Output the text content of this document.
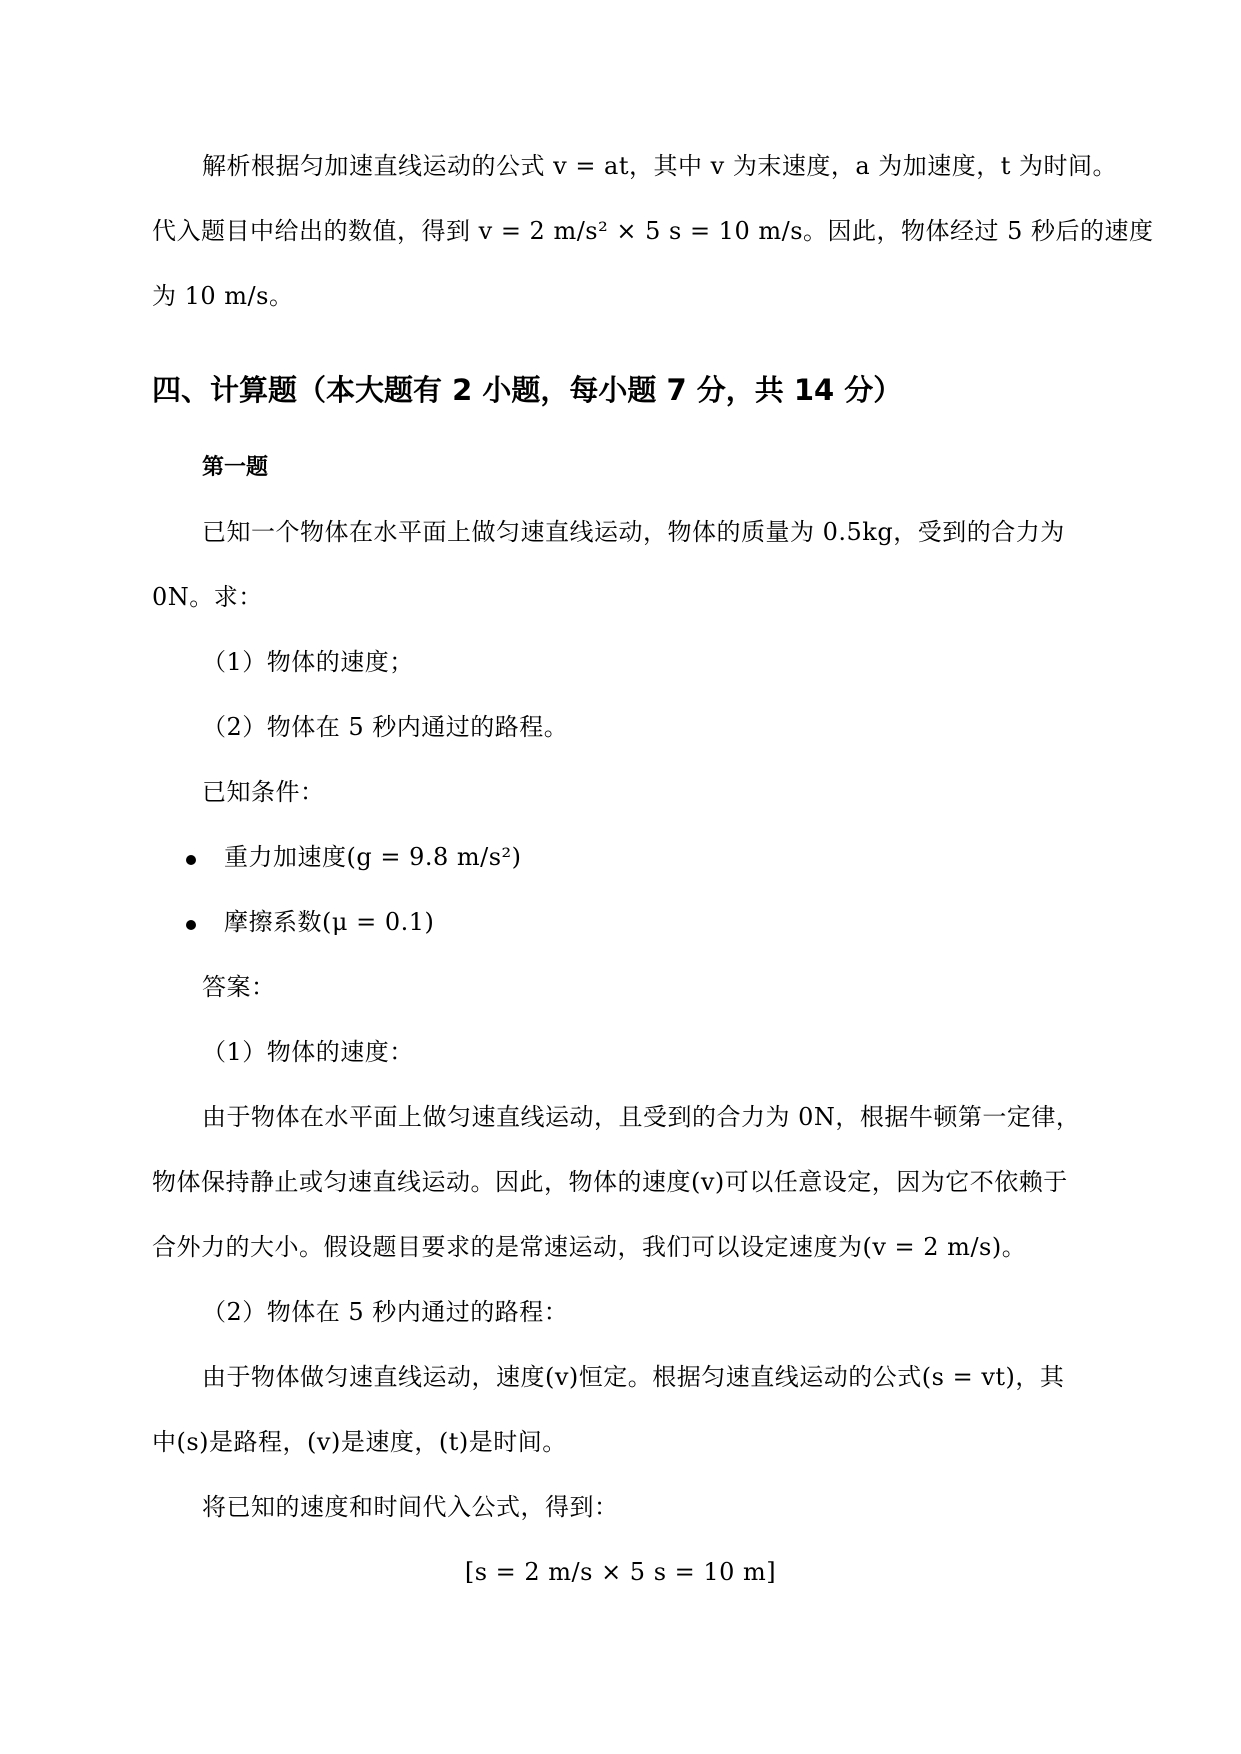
解析根据匀加速直线运动的公式 v = at，其中 v 为末速度，a 为加速度，t 为时间。

代入题目中给出的数值，得到 v = 2 m/s² × 5 s = 10 m/s。因此，物体经过 5 秒后的速度

为 10 m/s。

四、计算题（本大题有 2 小题，每小题 7 分，共 14 分）
第一题

已知一个物体在水平面上做匀速直线运动，物体的质量为 0.5kg，受到的合力为

0N。求：

（1）物体的速度；

（2）物体在 5 秒内通过的路程。

已知条件：

重力加速度(g = 9.8 m/s²)

摩擦系数(μ = 0.1)

答案：

（1）物体的速度：

由于物体在水平面上做匀速直线运动，且受到的合力为 0N，根据牛顿第一定律，

物体保持静止或匀速直线运动。因此，物体的速度(v)可以任意设定，因为它不依赖于

合外力的大小。假设题目要求的是常速运动，我们可以设定速度为(v = 2 m/s)。

（2）物体在 5 秒内通过的路程：

由于物体做匀速直线运动，速度(v)恒定。根据匀速直线运动的公式(s = vt)，其

中(s)是路程，(v)是速度，(t)是时间。

将已知的速度和时间代入公式，得到：

[s = 2 m/s × 5 s = 10 m]
